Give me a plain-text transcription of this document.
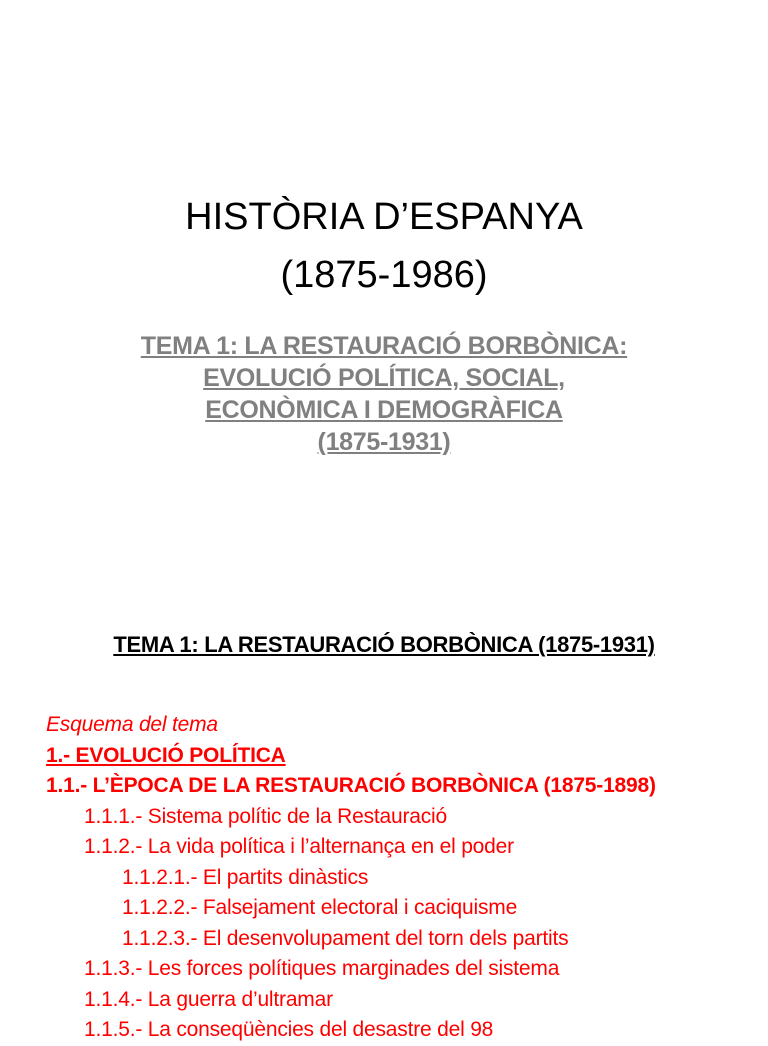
HISTÒRIA D’ESPANYA
(1875-1986)
TEMA 1: LA RESTAURACIÓ BORBÒNICA:
EVOLUCIÓ POLÍTICA, SOCIAL,
ECONÒMICA I DEMOGRÀFICA
(1875-1931)
TEMA 1: LA RESTAURACIÓ BORBÒNICA (1875-1931)
Esquema del tema
1.- EVOLUCIÓ POLÍTICA
1.1.- L’ÈPOCA DE LA RESTAURACIÓ BORBÒNICA (1875-1898)
1.1.1.- Sistema polític de la Restauració
1.1.2.- La vida política i l’alternança en el poder
1.1.2.1.- El partits dinàstics
1.1.2.2.- Falsejament electoral i caciquisme
1.1.2.3.- El desenvolupament del torn dels partits
1.1.3.- Les forces polítiques marginades del sistema
1.1.4.- La guerra d’ultramar
1.1.5.- La conseqüències del desastre del 98
